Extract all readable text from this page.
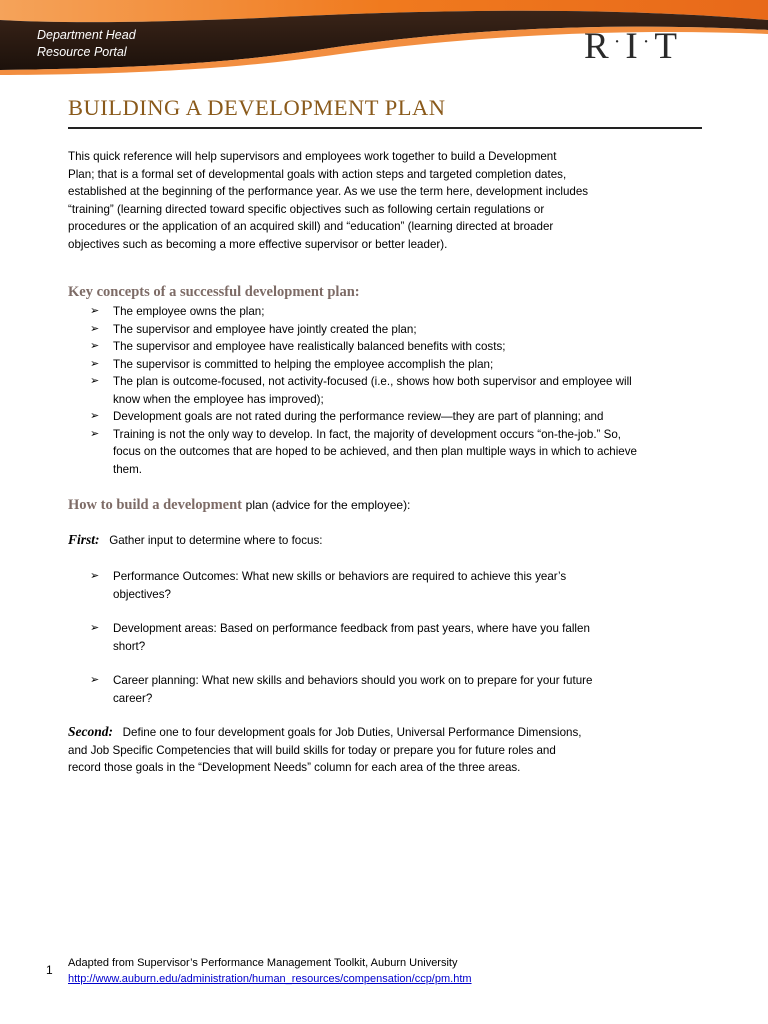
Department Head
Resource Portal	R · I · T
BUILDING A DEVELOPMENT PLAN
This quick reference will help supervisors and employees work together to build a Development
Plan; that is a formal set of developmental goals with action steps and targeted completion dates,
established at the beginning of the performance year. As we use the term here, development includes
“training” (learning directed toward specific objectives such as following certain regulations or
procedures or the application of an acquired skill) and “education” (learning directed at broader
objectives such as becoming a more effective supervisor or better leader).
Key concepts of a successful development plan:
➢ The employee owns the plan;
➢ The supervisor and employee have jointly created the plan;
➢ The supervisor and employee have realistically balanced benefits with costs;
➢ The supervisor is committed to helping the employee accomplish the plan;
➢ The plan is outcome-focused, not activity-focused (i.e., shows how both supervisor and employee will
know when the employee has improved);
➢ Development goals are not rated during the performance review—they are part of planning; and
➢ Training is not the only way to develop. In fact, the majority of development occurs “on-the-job.” So,
focus on the outcomes that are hoped to be achieved, and then plan multiple ways in which to achieve
them.
How to build a development plan (advice for the employee):
First: Gather input to determine where to focus:
➢ Performance Outcomes: What new skills or behaviors are required to achieve this year’s
objectives?
➢ Development areas: Based on performance feedback from past years, where have you fallen
short?
➢ Career planning: What new skills and behaviors should you work on to prepare for your future
career?
Second: Define one to four development goals for Job Duties, Universal Performance Dimensions,
and Job Specific Competencies that will build skills for today or prepare you for future roles and
record those goals in the “Development Needs” column for each area of the three areas.
1 Adapted from Supervisor’s Performance Management Toolkit, Auburn University
http://www.auburn.edu/administration/human_resources/compensation/ccp/pm.htm
